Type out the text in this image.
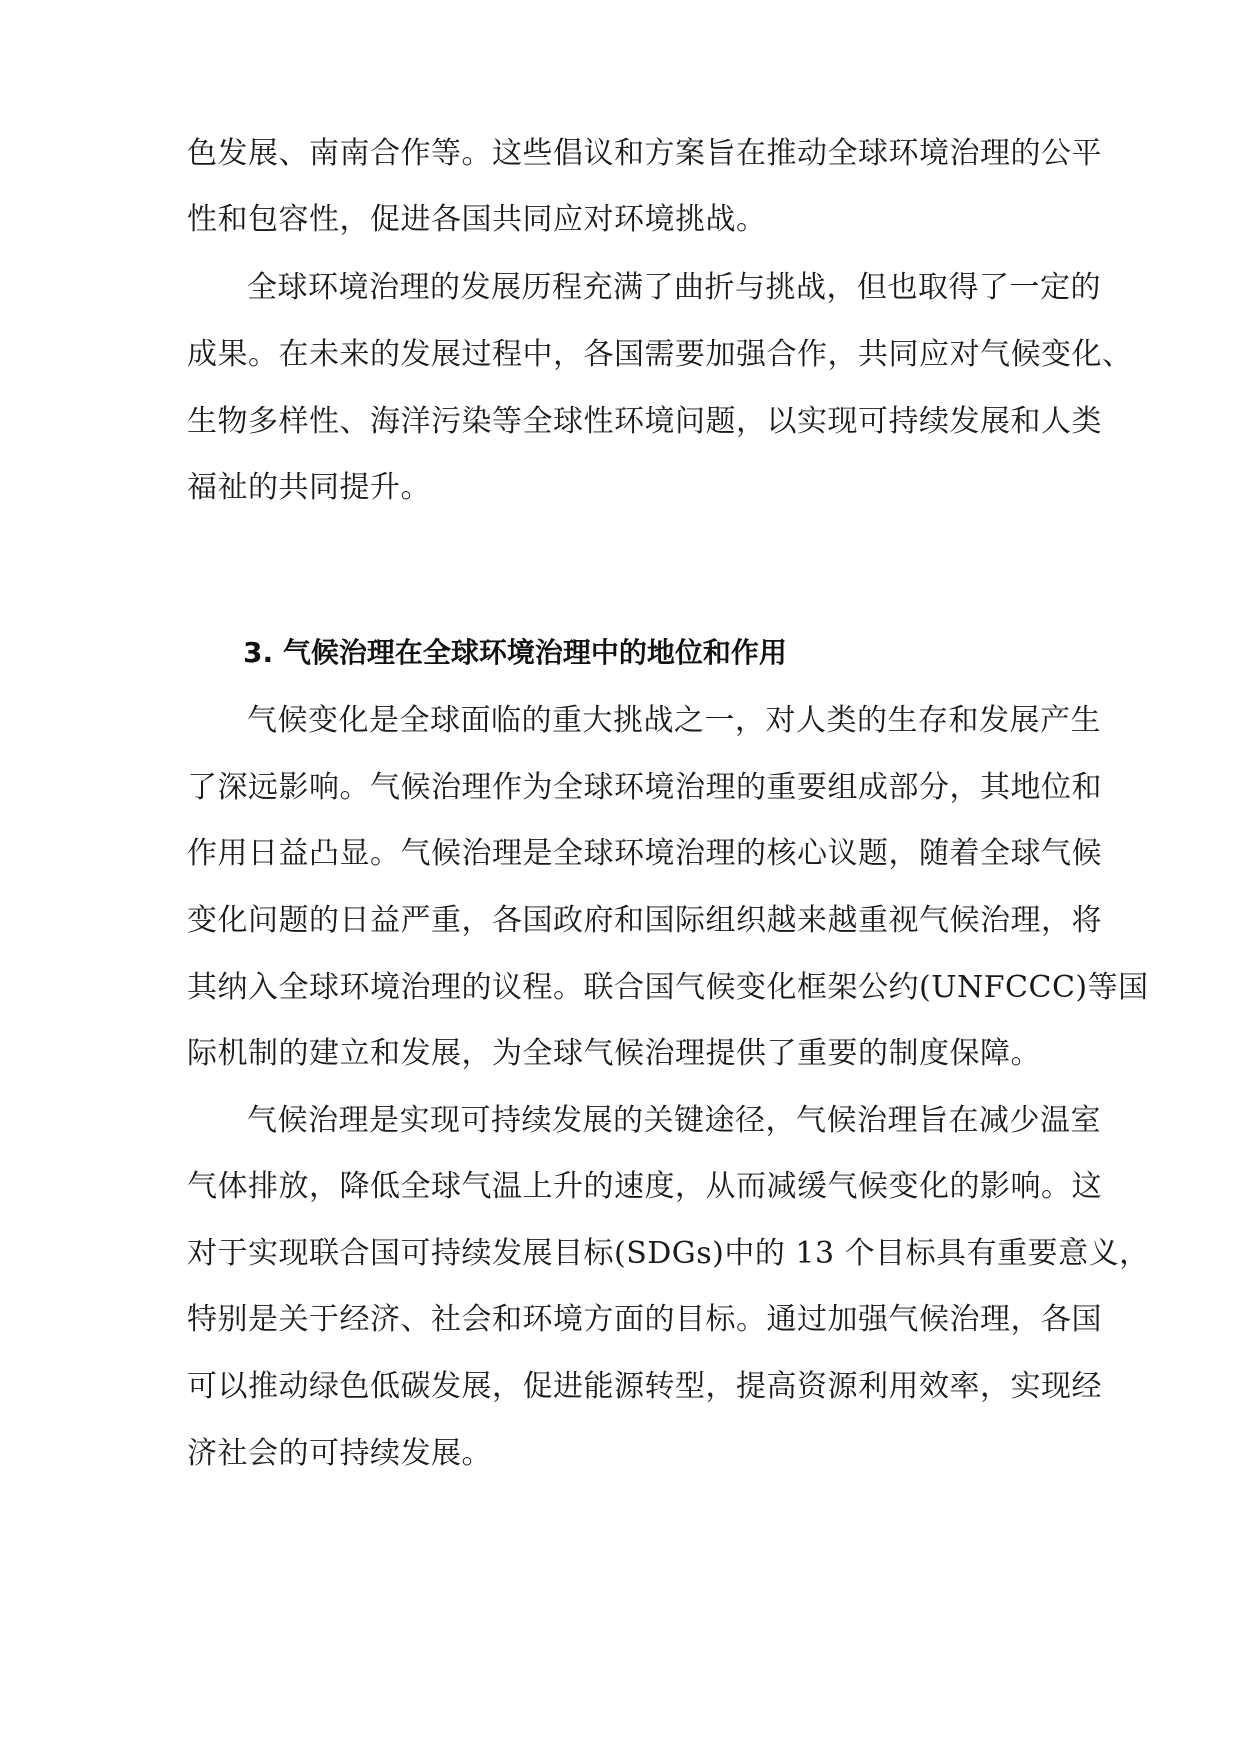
色发展、南南合作等。这些倡议和方案旨在推动全球环境治理的公平
性和包容性，促进各国共同应对环境挑战。
全球环境治理的发展历程充满了曲折与挑战，但也取得了一定的
成果。在未来的发展过程中，各国需要加强合作，共同应对气候变化、
生物多样性、海洋污染等全球性环境问题，以实现可持续发展和人类
福祉的共同提升。
3. 气候治理在全球环境治理中的地位和作用
气候变化是全球面临的重大挑战之一，对人类的生存和发展产生
了深远影响。气候治理作为全球环境治理的重要组成部分，其地位和
作用日益凸显。气候治理是全球环境治理的核心议题，随着全球气候
变化问题的日益严重，各国政府和国际组织越来越重视气候治理，将
其纳入全球环境治理的议程。联合国气候变化框架公约(UNFCCC)等国
际机制的建立和发展，为全球气候治理提供了重要的制度保障。
气候治理是实现可持续发展的关键途径，气候治理旨在减少温室
气体排放，降低全球气温上升的速度，从而减缓气候变化的影响。这
对于实现联合国可持续发展目标(SDGs)中的 13 个目标具有重要意义，
特别是关于经济、社会和环境方面的目标。通过加强气候治理，各国
可以推动绿色低碳发展，促进能源转型，提高资源利用效率，实现经
济社会的可持续发展。
